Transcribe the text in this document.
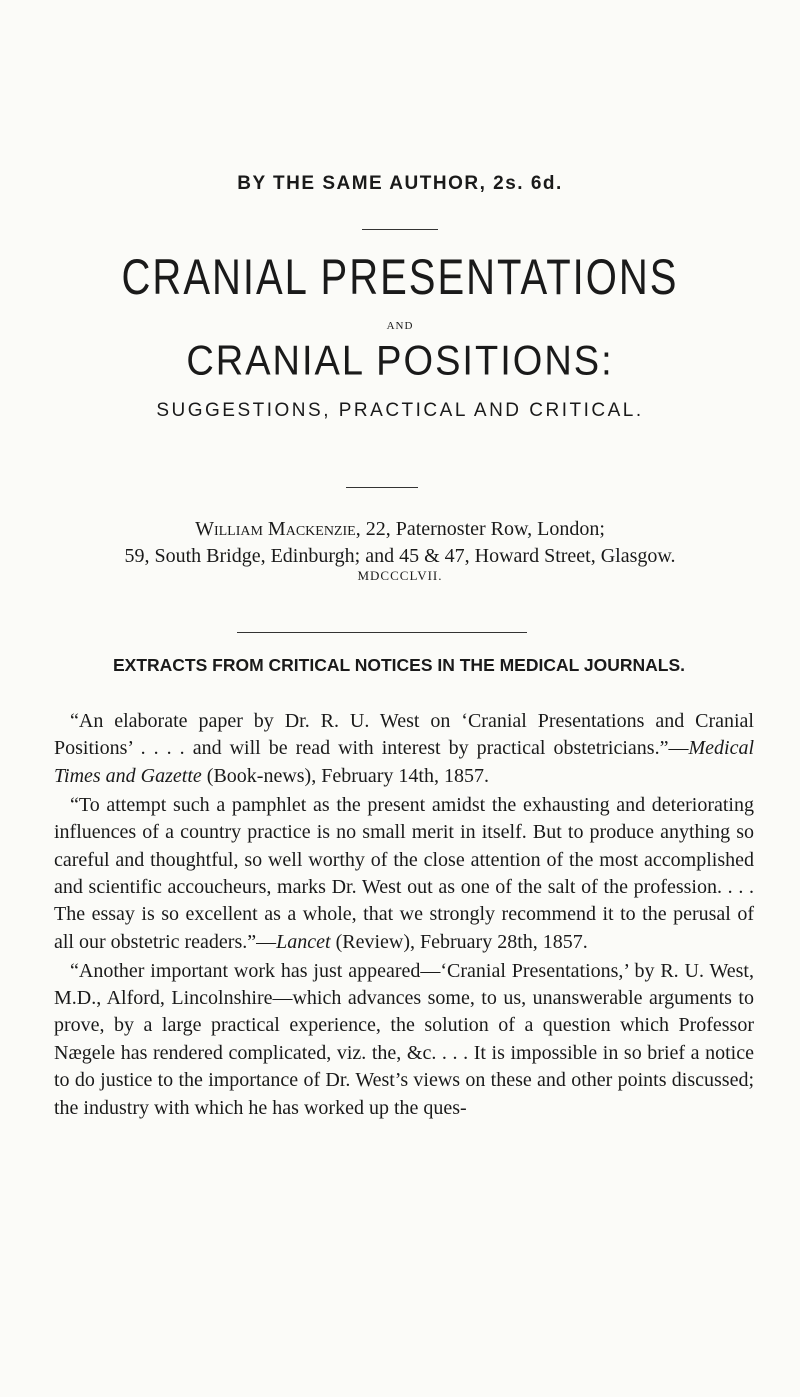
BY THE SAME AUTHOR, 2s. 6d.

CRANIAL PRESENTATIONS

AND

CRANIAL POSITIONS:

SUGGESTIONS, PRACTICAL AND CRITICAL.

William Mackenzie, 22, Paternoster Row, London;
59, South Bridge, Edinburgh; and 45 & 47, Howard Street, Glasgow.

MDCCCLVII.

EXTRACTS FROM CRITICAL NOTICES IN THE MEDICAL JOURNALS.

“An elaborate paper by Dr. R. U. West on ‘Cranial Presentations and Cranial Positions’ . . . . and will be read with interest by practical obstetricians.”—Medical Times and Gazette (Book-news), February 14th, 1857.

“To attempt such a pamphlet as the present amidst the exhausting and deteriorating influences of a country practice is no small merit in itself. But to produce anything so careful and thoughtful, so well worthy of the close attention of the most accomplished and scientific accoucheurs, marks Dr. West out as one of the salt of the profession. . . . The essay is so excellent as a whole, that we strongly recommend it to the perusal of all our obstetric readers.”—Lancet (Review), February 28th, 1857.

“Another important work has just appeared—‘Cranial Presentations,’ by R. U. West, M.D., Alford, Lincolnshire—which advances some, to us, unanswerable arguments to prove, by a large practical experience, the solution of a question which Professor Nægele has rendered complicated, viz. the, &c. . . . It is impossible in so brief a notice to do justice to the importance of Dr. West’s views on these and other points discussed; the industry with which he has worked up the ques-
